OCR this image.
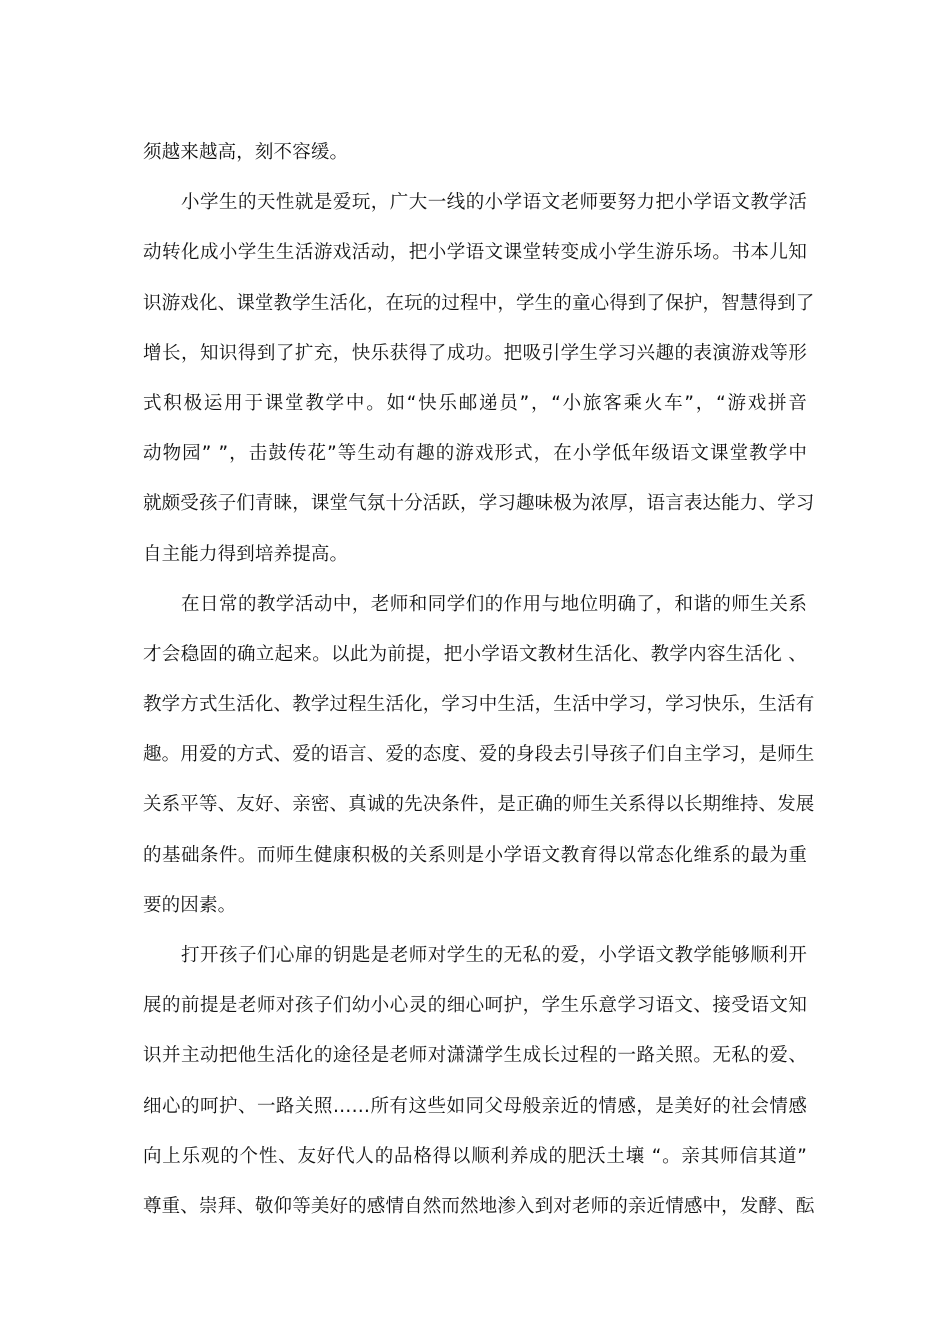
须越来越高，刻不容缓。
小学生的天性就是爱玩，广大一线的小学语文老师要努力把小学语文教学活
动转化成小学生生活游戏活动，把小学语文课堂转变成小学生游乐场。书本儿知
识游戏化、课堂教学生活化，在玩的过程中，学生的童心得到了保护，智慧得到了
增长，知识得到了扩充，快乐获得了成功。把吸引学生学习兴趣的表演游戏等形
式积极运用于课堂教学中。如“快乐邮递员”，“小旅客乘火车”，“游戏拼音
动物园” ”，击鼓传花”等生动有趣的游戏形式，在小学低年级语文课堂教学中
就颇受孩子们青睐，课堂气氛十分活跃，学习趣味极为浓厚，语言表达能力、学习
自主能力得到培养提高。
在日常的教学活动中，老师和同学们的作用与地位明确了，和谐的师生关系
才会稳固的确立起来。以此为前提，把小学语文教材生活化、教学内容生活化 、
教学方式生活化、教学过程生活化，学习中生活，生活中学习，学习快乐，生活有
趣。用爱的方式、爱的语言、爱的态度、爱的身段去引导孩子们自主学习，是师生
关系平等、友好、亲密、真诚的先决条件，是正确的师生关系得以长期维持、发展
的基础条件。而师生健康积极的关系则是小学语文教育得以常态化维系的最为重
要的因素。
打开孩子们心扉的钥匙是老师对学生的无私的爱，小学语文教学能够顺利开
展的前提是老师对孩子们幼小心灵的细心呵护，学生乐意学习语文、接受语文知
识并主动把他生活化的途径是老师对潇潇学生成长过程的一路关照。无私的爱、
细心的呵护、一路关照……所有这些如同父母般亲近的情感，是美好的社会情感
向上乐观的个性、友好代人的品格得以顺利养成的肥沃土壤 “。亲其师信其道”
尊重、崇拜、敬仰等美好的感情自然而然地渗入到对老师的亲近情感中，发酵、酝
